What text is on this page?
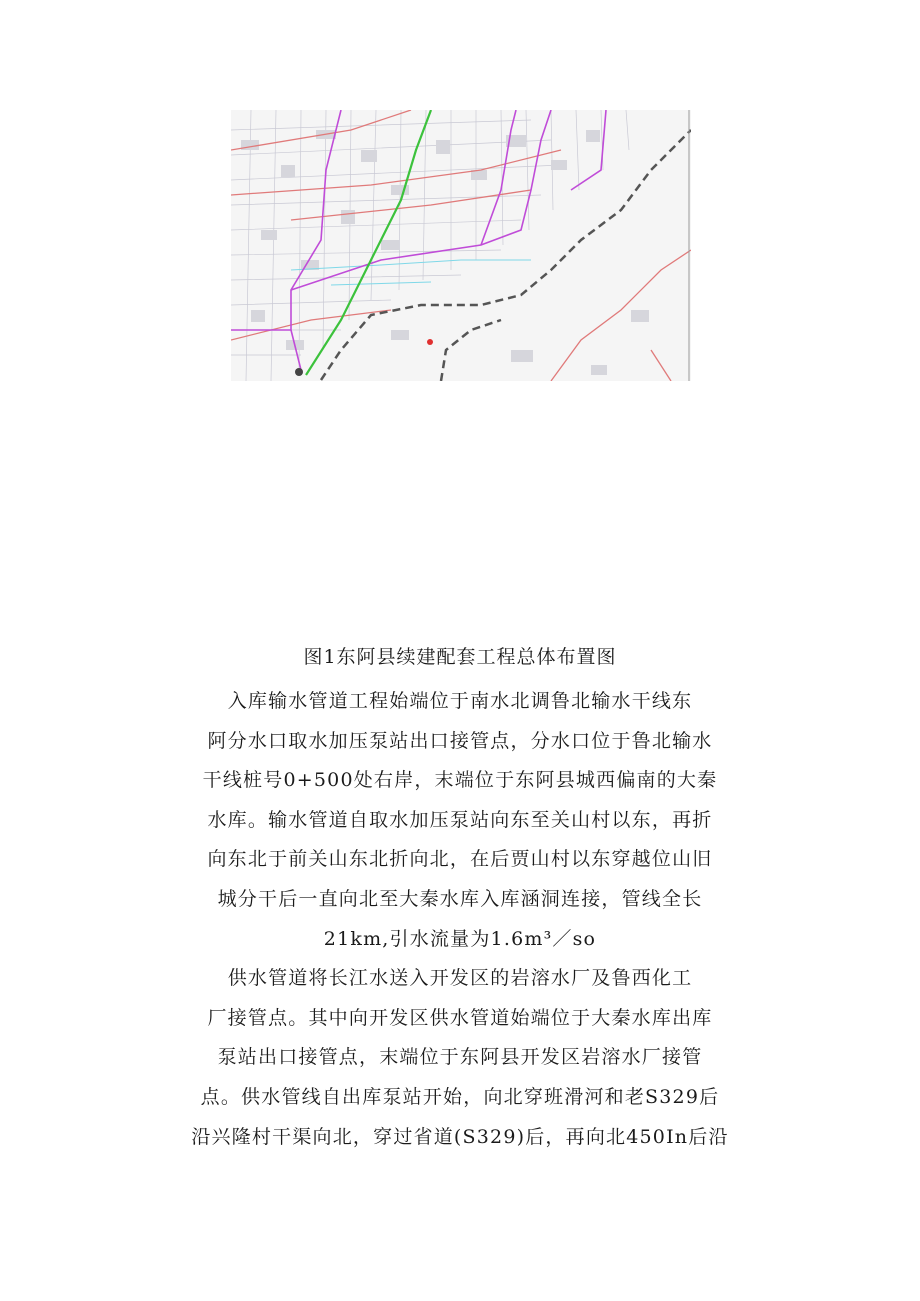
图1东阿县续建配套工程总体布置图
入库输水管道工程始端位于南水北调鲁北输水干线东
阿分水口取水加压泵站出口接管点，分水口位于鲁北输水
干线桩号0+500处右岸，末端位于东阿县城西偏南的大秦
水库。输水管道自取水加压泵站向东至关山村以东，再折
向东北于前关山东北折向北，在后贾山村以东穿越位山旧
城分干后一直向北至大秦水库入库涵洞连接，管线全长
21km,引水流量为1.6m³／so
供水管道将长江水送入开发区的岩溶水厂及鲁西化工
厂接管点。其中向开发区供水管道始端位于大秦水库出库
泵站出口接管点，末端位于东阿县开发区岩溶水厂接管
点。供水管线自出库泵站开始，向北穿班滑河和老S329后
沿兴隆村干渠向北，穿过省道(S329)后，再向北450In后沿
